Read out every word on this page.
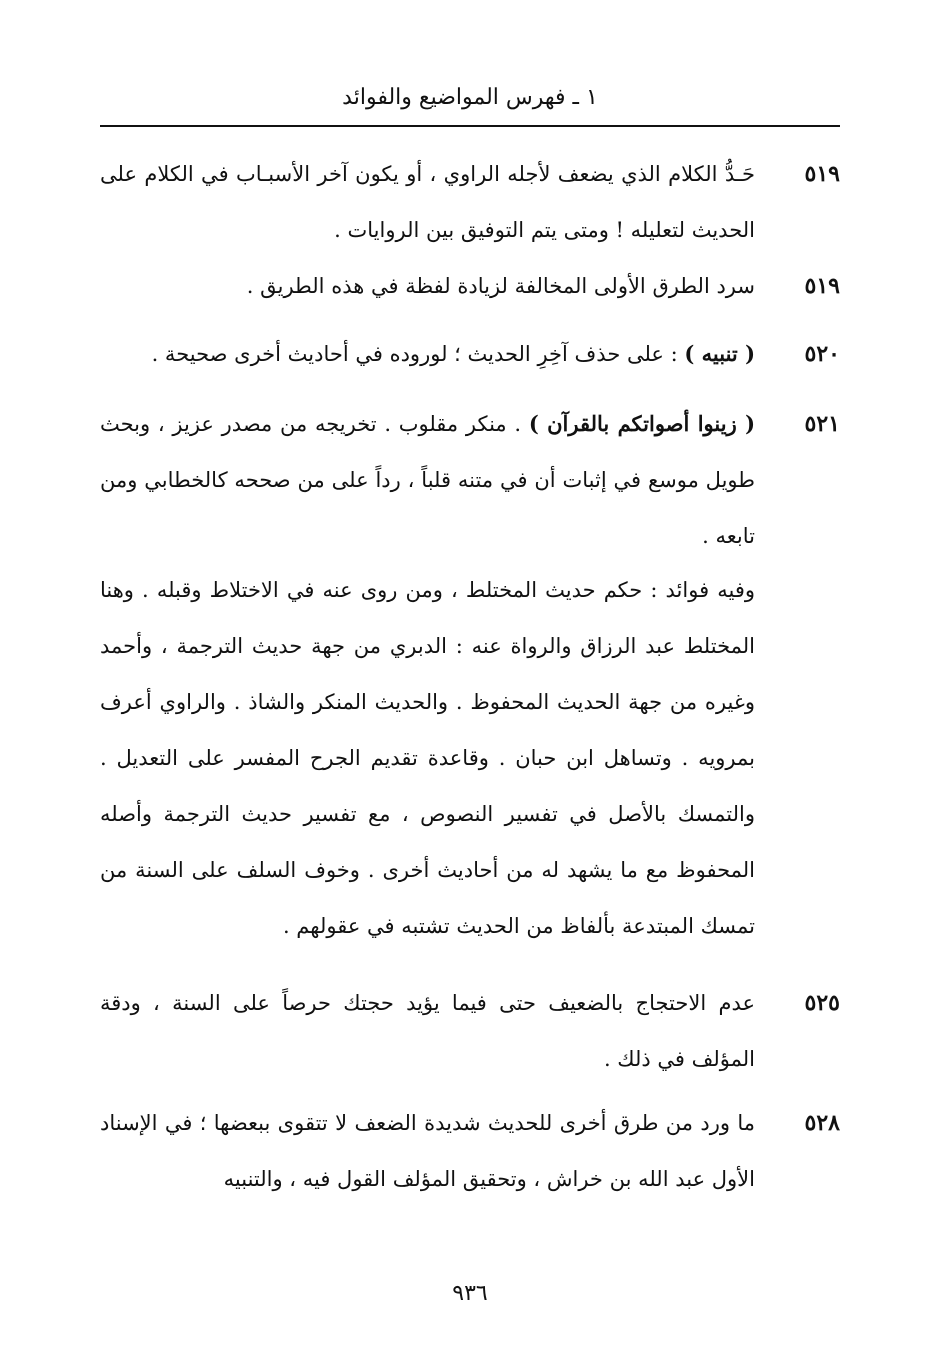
١ ـ فهرس المواضيع والفوائد
٥١٩
حَـدُّ الكلام الذي يضعف لأجله الراوي ، أو يكون آخر الأسبـاب في الكلام على الحديث لتعليله ! ومتى يتم التوفيق بين الروايات .
٥١٩
سرد الطرق الأولى المخالفة لزيادة لفظة في هذه الطريق .
٥٢٠
( تنبيه ) : على حذف آخِرِ الحديث ؛ لوروده في أحاديث أخرى صحيحة .
٥٢١
( زينوا أصواتكم بالقرآن ) . منكر مقلوب . تخريجه من مصدر عزيز ، وبحث طويل موسع في إثبات أن في متنه قلباً ، رداً على من صححه كالخطابي ومن تابعه .
وفيه فوائد : حكم حديث المختلط ، ومن روى عنه في الاختلاط وقبله . وهنا المختلط عبد الرزاق والرواة عنه : الدبري من جهة حديث الترجمة ، وأحمد وغيره من جهة الحديث المحفوظ . والحديث المنكر والشاذ . والراوي أعرف بمرويه . وتساهل ابن حبان . وقاعدة تقديم الجرح المفسر على التعديل . والتمسك بالأصل في تفسير النصوص ، مع تفسير حديث الترجمة وأصله المحفوظ مع ما يشهد له من أحاديث أخرى . وخوف السلف على السنة من تمسك المبتدعة بألفاظ من الحديث تشتبه في عقولهم .
٥٢٥
عدم الاحتجاج بالضعيف حتى فيما يؤيد حجتك حرصاً على السنة ، ودقة المؤلف في ذلك .
٥٢٨
ما ورد من طرق أخرى للحديث شديدة الضعف لا تتقوى ببعضها ؛ في الإسناد الأول عبد الله بن خراش ، وتحقيق المؤلف القول فيه ، والتنبيه
٩٣٦
